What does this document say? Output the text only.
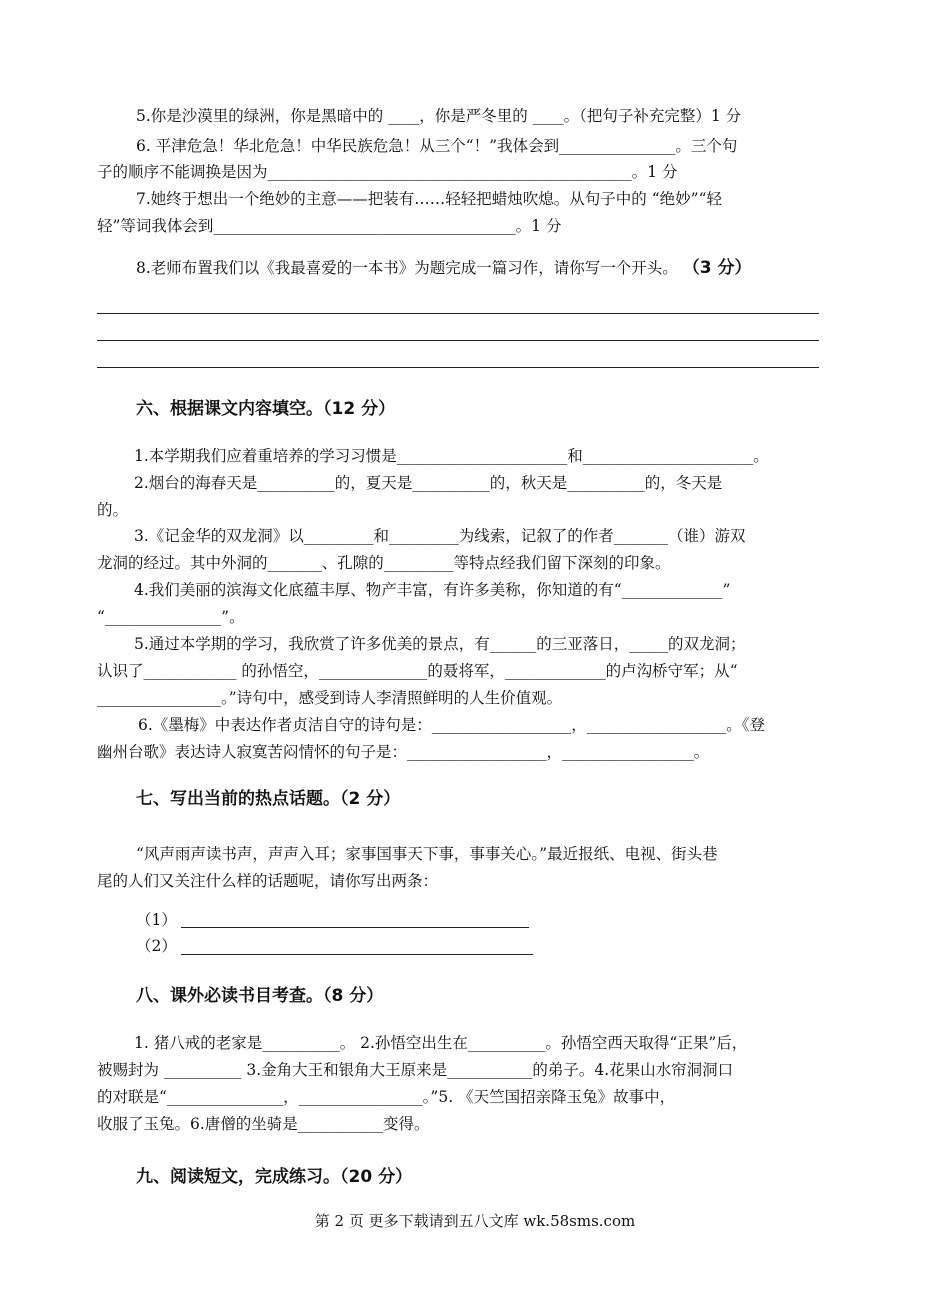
5.你是沙漠里的绿洲，你是黑暗中的 ____，你是严冬里的 ____。（把句子补充完整）1 分
6. 平津危急！华北危急！中华民族危急！从三个“！”我体会到_______________。三个句
子的顺序不能调换是因为_______________________________________________。1 分
7.她终于想出一个绝妙的主意——把装有……轻轻把蜡烛吹熄。从句子中的 “绝妙”“轻
轻”等词我体会到_______________________________________。1 分
8.老师布置我们以《我最喜爱的一本书》为题完成一篇习作，请你写一个开头。 （3 分）
六、根据课文内容填空。（12 分）
1.本学期我们应着重培养的学习习惯是______________________和______________________。
2.烟台的海春天是__________的，夏天是__________的，秋天是__________的，冬天是
的。
3.《记金华的双龙洞》以_________和_________为线索，记叙了的作者_______（谁）游双
龙洞的经过。其中外洞的_______、孔隙的_________等特点经我们留下深刻的印象。
4.我们美丽的滨海文化底蕴丰厚、物产丰富，有许多美称，你知道的有“_____________”
“_______________”。
5.通过本学期的学习，我欣赏了许多优美的景点，有______的三亚落日，_____的双龙洞；
认识了____________ 的孙悟空，______________的聂将军，_____________的卢沟桥守军；从“
________________。”诗句中，感受到诗人李清照鲜明的人生价值观。
6.《墨梅》中表达作者贞洁自守的诗句是：__________________，__________________。《登
幽州台歌》表达诗人寂寞苦闷情怀的句子是：__________________，_________________。
七、写出当前的热点话题。（2 分）
“风声雨声读书声，声声入耳；家事国事天下事，事事关心。”最近报纸、电视、街头巷
尾的人们又关注什么样的话题呢，请你写出两条：
（1）
（2）
八、课外必读书目考查。（8 分）
1. 猪八戒的老家是__________。 2.孙悟空出生在__________。孙悟空西天取得“正果”后，
被赐封为 __________ 3.金角大王和银角大王原来是___________的弟子。4.花果山水帘洞洞口
的对联是“_______________，________________。”5. 《天竺国招亲降玉兔》故事中，
收服了玉兔。6.唐僧的坐骑是___________变得。
九、阅读短文，完成练习。（20 分）
第 2 页 更多下载请到五八文库 wk.58sms.com
